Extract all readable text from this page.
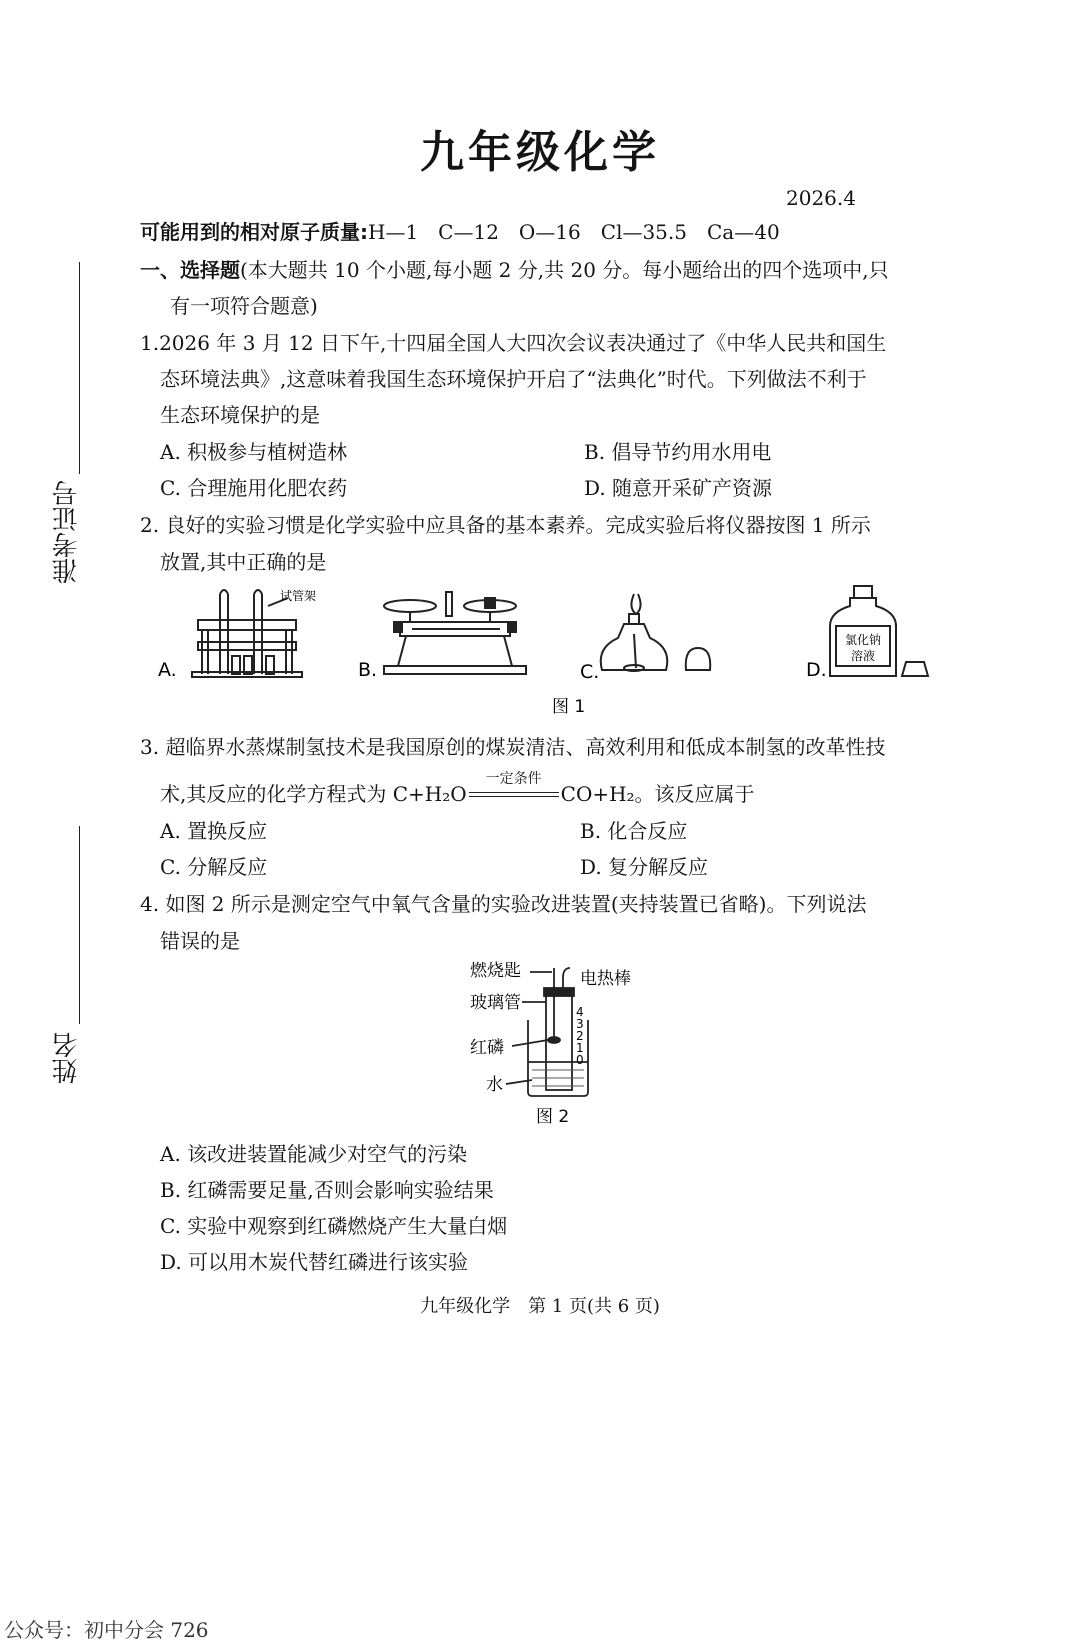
九年级化学
2026.4
可能用到的相对原子质量:H—1　C—12　O—16　Cl—35.5　Ca—40
一、选择题(本大题共 10 个小题,每小题 2 分,共 20 分。每小题给出的四个选项中,只
有一项符合题意)
1.2026 年 3 月 12 日下午,十四届全国人大四次会议表决通过了《中华人民共和国生
态环境法典》,这意味着我国生态环境保护开启了“法典化”时代。下列做法不利于
生态环境保护的是
A. 积极参与植树造林	B. 倡导节约用水用电
C. 合理施用化肥农药	D. 随意开采矿产资源
2. 良好的实验习惯是化学实验中应具备的基本素养。完成实验后将仪器按图 1 所示
放置,其中正确的是
试管架
A.	B.	C.
氯化钠
溶液
D.
图 1
3. 超临界水蒸煤制氢技术是我国原创的煤炭清洁、高效利用和低成本制氢的改革性技
术,其反应的化学方程式为 C+H₂O
一定条件
CO+H₂。该反应属于
A. 置换反应	B. 化合反应
C. 分解反应	D. 复分解反应
4. 如图 2 所示是测定空气中氧气含量的实验改进装置(夹持装置已省略)。下列说法
错误的是
燃烧匙	电热棒
玻璃管
红磷
水
4
3
2
1
0
图 2
A. 该改进装置能减少对空气的污染
B. 红磷需要足量,否则会影响实验结果
C. 实验中观察到红磷燃烧产生大量白烟
D. 可以用木炭代替红磷进行该实验
九年级化学　第 1 页(共 6 页)
准考证号
姓名
公众号：初中分会 726
